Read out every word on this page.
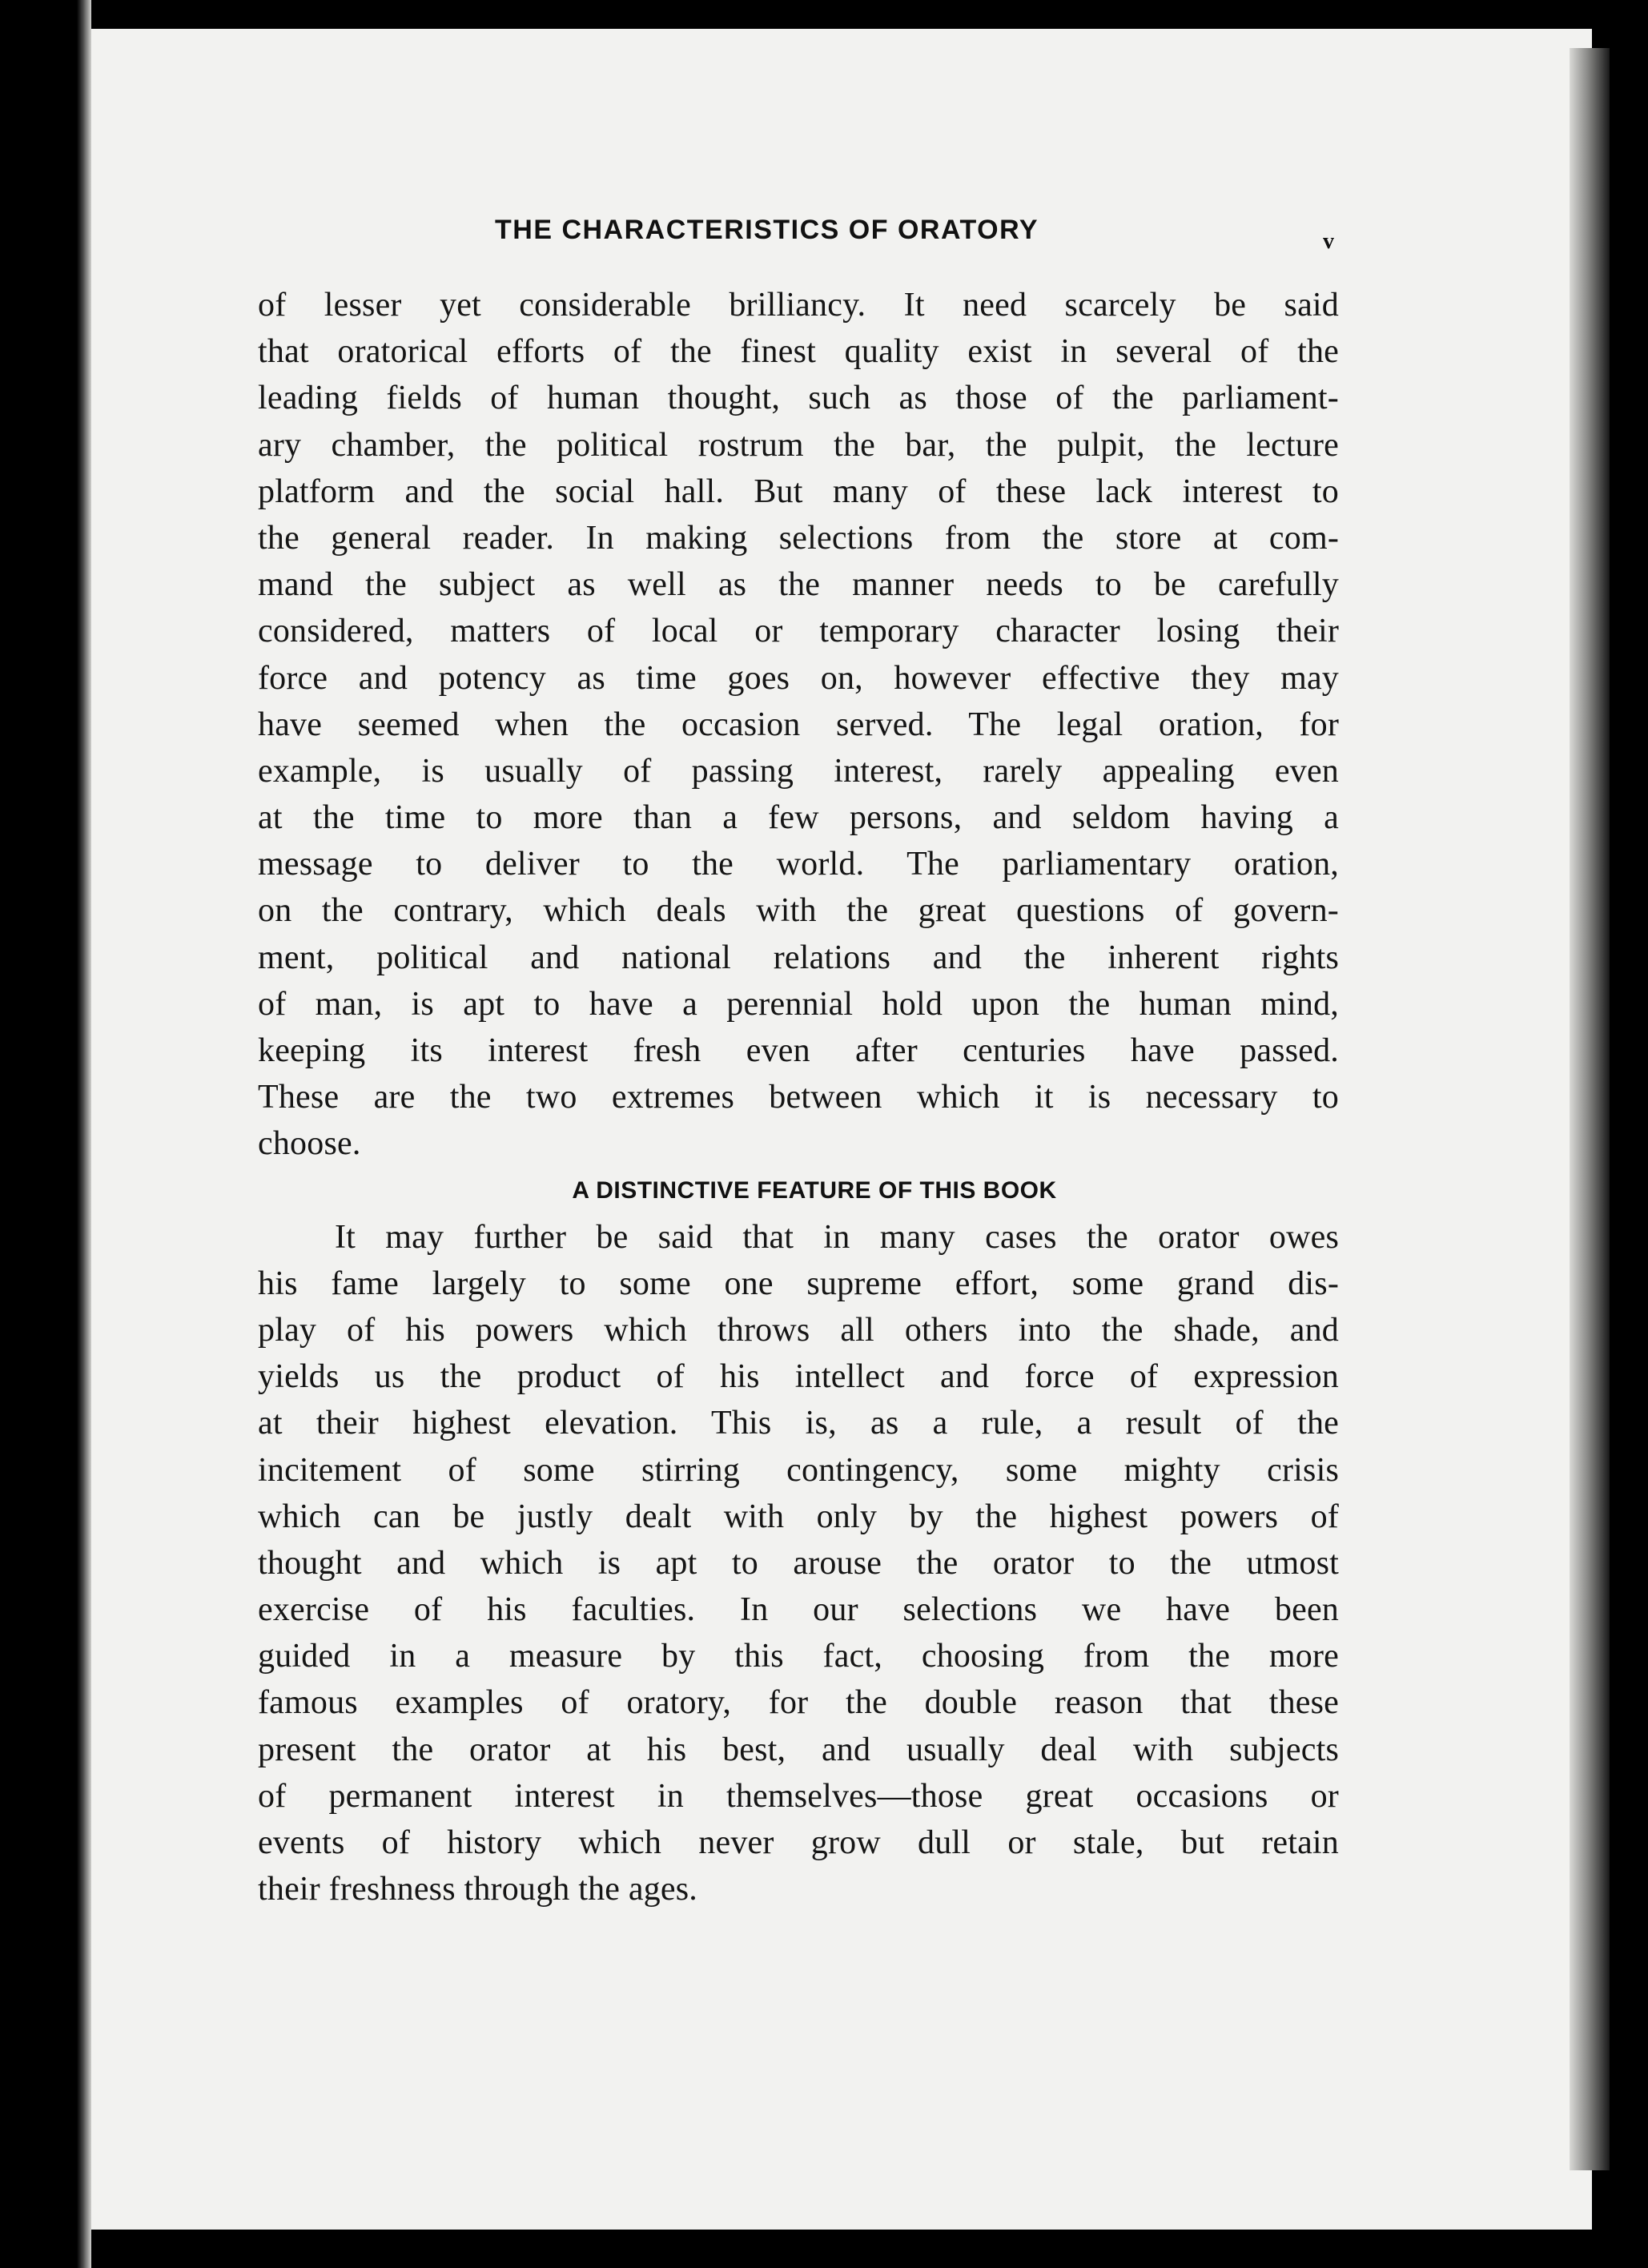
THE CHARACTERISTICS OF ORATORY	v
of lesser yet considerable brilliancy. It need scarcely be said
that oratorical efforts of the finest quality exist in several of the
leading fields of human thought, such as those of the parliament-
ary chamber, the political rostrum the bar, the pulpit, the lecture
platform and the social hall. But many of these lack interest to
the general reader. In making selections from the store at com-
mand the subject as well as the manner needs to be carefully
considered, matters of local or temporary character losing their
force and potency as time goes on, however effective they may
have seemed when the occasion served. The legal oration, for
example, is usually of passing interest, rarely appealing even
at the time to more than a few persons, and seldom having a
message to deliver to the world. The parliamentary oration,
on the contrary, which deals with the great questions of govern-
ment, political and national relations and the inherent rights
of man, is apt to have a perennial hold upon the human mind,
keeping its interest fresh even after centuries have passed.
These are the two extremes between which it is necessary to
choose.
A DISTINCTIVE FEATURE OF THIS BOOK
It may further be said that in many cases the orator owes
his fame largely to some one supreme effort, some grand dis-
play of his powers which throws all others into the shade, and
yields us the product of his intellect and force of expression
at their highest elevation. This is, as a rule, a result of the
incitement of some stirring contingency, some mighty crisis
which can be justly dealt with only by the highest powers of
thought and which is apt to arouse the orator to the utmost
exercise of his faculties. In our selections we have been
guided in a measure by this fact, choosing from the more
famous examples of oratory, for the double reason that these
present the orator at his best, and usually deal with subjects
of permanent interest in themselves—those great occasions or
events of history which never grow dull or stale, but retain
their freshness through the ages.
